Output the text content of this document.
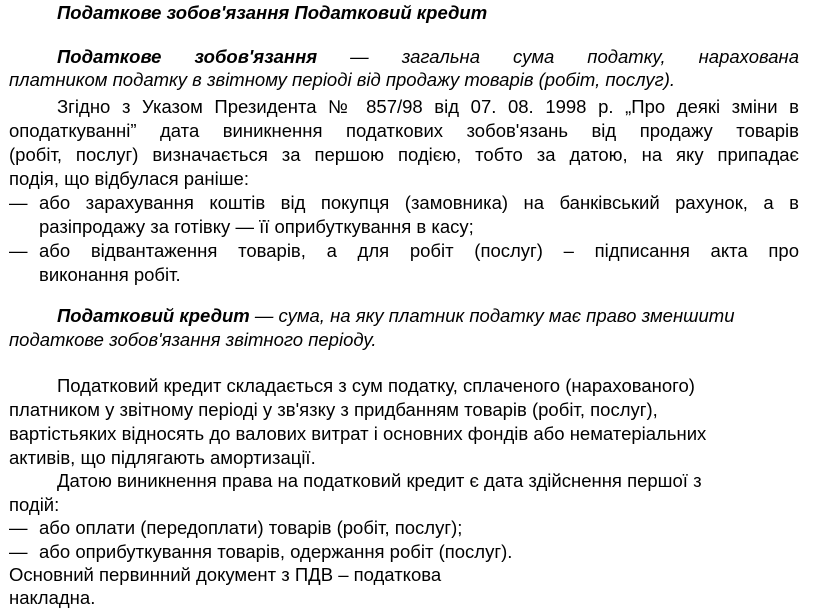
Податкове зобов'язання Податковий кредит
Податкове зобов'язання — загальна сума податку, нарахована
платником податку в звітному періоді від продажу товарів (робіт, послуг).
Згідно з Указом Президента № 857/98 від 07. 08. 1998 р. „Про деякі зміни в
оподаткуванні” дата виникнення податкових зобов'язань від продажу товарів
(робіт, послуг) визначається за першою подією, тобто за датою, на яку припадає
подія, що відбулася раніше:
— або зарахування коштів від покупця (замовника) на банківський рахунок, а в
разіпродажу за готівку — її оприбуткування в касу;
— або відвантаження товарів, а для робіт (послуг) – підписання акта про
виконання робіт.
Податковий кредит — сума, на яку платник податку має право зменшити
податкове зобов'язання звітного періоду.
Податковий кредит складається з сум податку, сплаченого (нарахованого)
платником у звітному періоді у зв'язку з придбанням товарів (робіт, послуг),
вартістьяких відносять до валових витрат і основних фондів або нематеріальних
активів, що підлягають амортизації.
Датою виникнення права на податковий кредит є дата здійснення першої з
подій:
— або оплати (передоплати) товарів (робіт, послуг);
— або оприбуткування товарів, одержання робіт (послуг).
Основний первинний документ з ПДВ – податкова
накладна.
